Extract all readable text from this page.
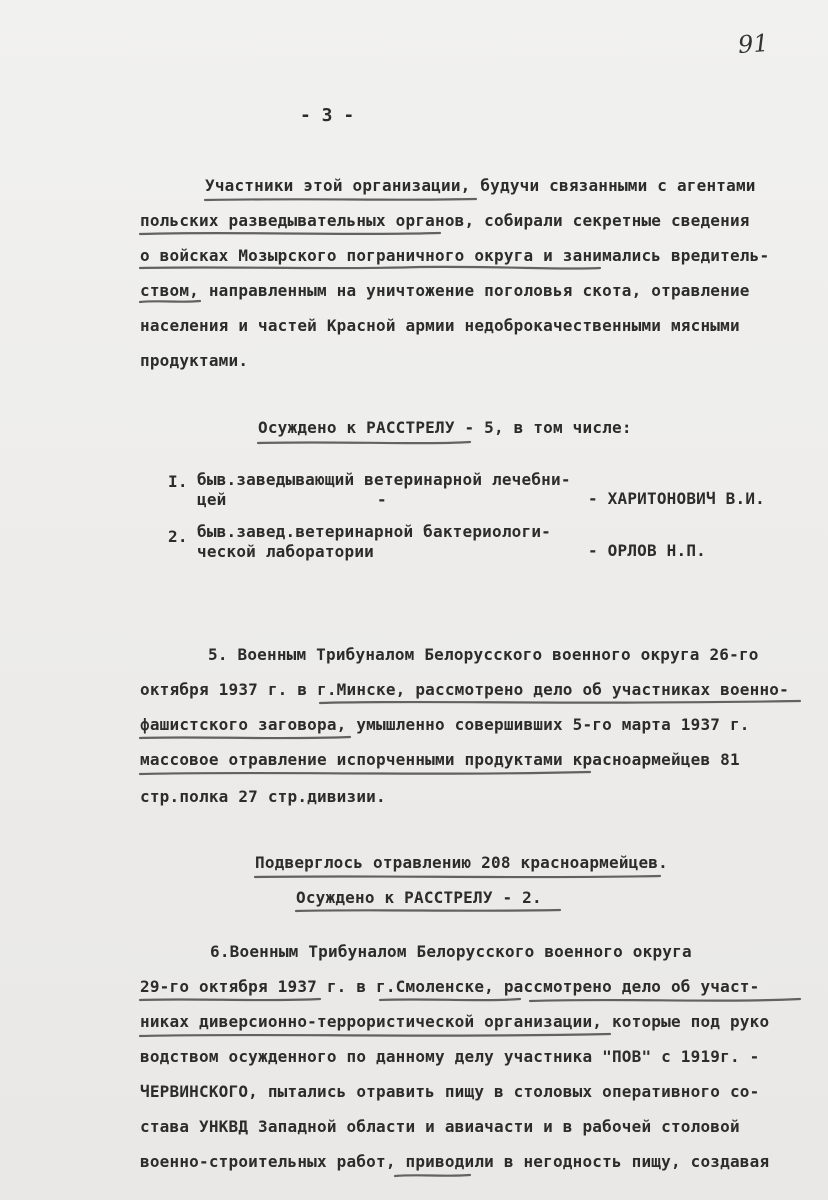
91
- 3 -
Участники этой организации, будучи связанными с агентами
польских разведывательных органов, собирали секретные сведения
о войсках Мозырского пограничного округа и занимались вредитель-
ством, направленным на уничтожение поголовья скота, отравление
населения и частей Красной армии недоброкачественными мясными
продуктами.
Осуждено к РАССТРЕЛУ - 5, в том числе:
I. быв.заведывающий ветеринарной лечебни-
цей	-	- ХАРИТОНОВИЧ В.И.
2. быв.завед.ветеринарной бактериологи-
ческой лаборатории	- ОРЛОВ Н.П.
5. Военным Трибуналом Белорусского военного округа 26-го
октября 1937 г. в г.Минске, рассмотрено дело об участниках военно-
фашистского заговора, умышленно совершивших 5-го марта 1937 г.
массовое отравление испорченными продуктами красноармейцев 81
стр.полка 27 стр.дивизии.
Подверглось отравлению 208 красноармейцев.
Осуждено к РАССТРЕЛУ - 2.
6.Военным Трибуналом Белорусского военного округа
29-го октября 1937 г. в г.Смоленске, рассмотрено дело об участ-
никах диверсионно-террористической организации, которые под руко
водством осужденного по данному делу участника "ПОВ" с 1919г. -
ЧЕРВИНСКОГО, пытались отравить пищу в столовых оперативного со-
става УНКВД Западной области и авиачасти и в рабочей столовой
военно-строительных работ, приводили в негодность пищу, создавая
